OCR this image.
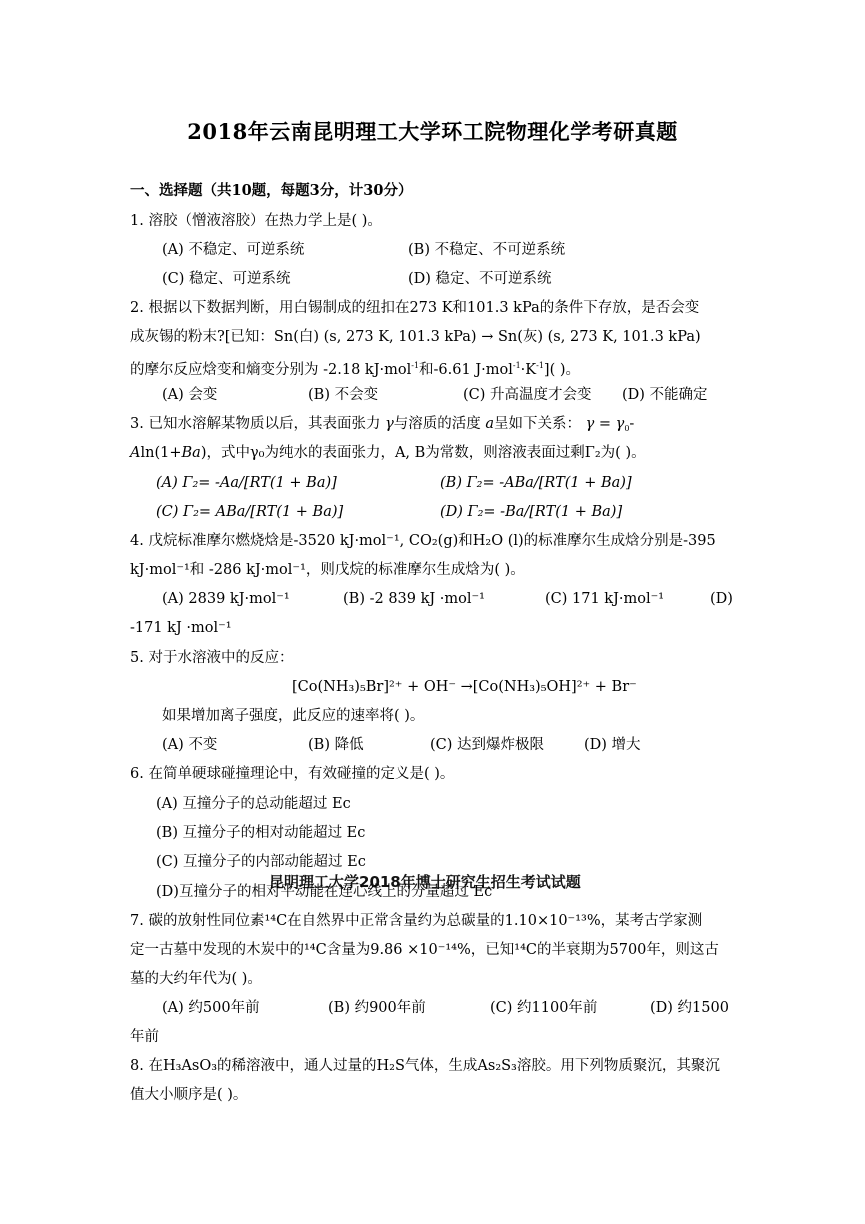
2018年云南昆明理工大学环工院物理化学考研真题
一、选择题（共10题，每题3分，计30分）
1. 溶胶（憎液溶胶）在热力学上是( )。
(A) 不稳定、可逆系统	(B) 不稳定、不可逆系统
(C) 稳定、可逆系统	(D) 稳定、不可逆系统
2. 根据以下数据判断，用白锡制成的纽扣在273 K和101.3 kPa的条件下存放，是否会变
成灰锡的粉末?[已知：Sn(白) (s, 273 K, 101.3 kPa) → Sn(灰) (s, 273 K, 101.3 kPa)
的摩尔反应焓变和熵变分别为 -2.18 kJ·mol$^{-1}$和-6.61 $J\cdot mol^{-1}\cdot K^{-1}$]( )。
(A) 会变	(B) 不会变	(C) 升高温度才会变 (D) 不能确定
3. 已知水溶解某物质以后，其表面张力 γ与溶质的活度 a呈如下关系： $\gamma = \gamma_0-$
Aln(1+Ba)，式中γ₀为纯水的表面张力，A, B为常数，则溶液表面过剩Γ₂为( )。
(A) Γ₂= -Aa/[RT(1 + Ba)]	(B) Γ₂= -ABa/[RT(1 + Ba)]
(C) Γ₂= ABa/[RT(1 + Ba)]	(D) Γ₂= -Ba/[RT(1 + Ba)]
4. 戊烷标准摩尔燃烧焓是-3520 kJ·mol⁻¹, CO₂(g)和H₂O (l)的标准摩尔生成焓分别是-395
kJ·mol⁻¹和 -286 kJ·mol⁻¹，则戊烷的标准摩尔生成焓为( )。
(A) 2839 kJ·mol⁻¹	(B) -2 839 kJ ·mol⁻¹	(C) 171 kJ·mol⁻¹	(D)
-171 kJ ·mol⁻¹
5. 对于水溶液中的反应：
[Co(NH₃)₅Br]²⁺ + OH⁻ →[Co(NH₃)₅OH]²⁺ + Br⁻
如果增加离子强度，此反应的速率将( )。
(A) 不变	(B) 降低	(C) 达到爆炸极限	(D) 增大
6. 在简单硬球碰撞理论中，有效碰撞的定义是( )。
(A) 互撞分子的总动能超过 Ec
(B) 互撞分子的相对动能超过 Ec
(C) 互撞分子的内部动能超过 Ec
(D)互撞分子的相对平动能在连心线上的分量超过 Ec
昆明理工大学2018年博士研究生招生考试试题
7. 碳的放射性同位素¹⁴C在自然界中正常含量约为总碳量的1.10×10⁻¹³%，某考古学家测
定一古墓中发现的木炭中的¹⁴C含量为9.86 ×10⁻¹⁴%，已知¹⁴C的半衰期为5700年，则这古
墓的大约年代为( )。
(A) 约500年前	(B) 约900年前	(C) 约1100年前	(D) 约1500
年前
8. 在H₃AsO₃的稀溶液中，通人过量的H₂S气体，生成As₂S₃溶胶。用下列物质聚沉，其聚沉
值大小顺序是( )。
